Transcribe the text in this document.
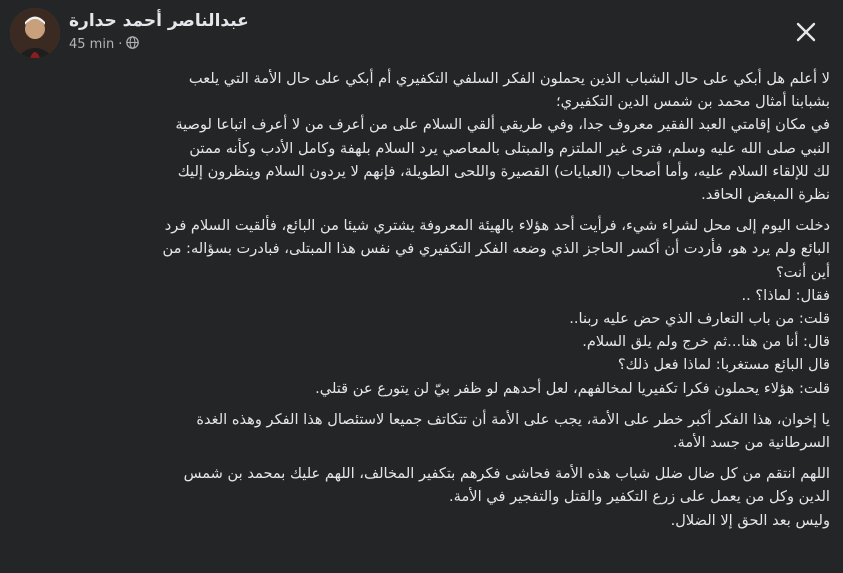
عبدالناصر أحمد حدارة
45 min ·

لا أعلم هل أبكي على حال الشباب الذين يحملون الفكر السلفي التكفيري أم أبكي على حال الأمة التي يلعب
بشبابنا أمثال محمد بن شمس الدين التكفيري؛
في مكان إقامتي العبد الفقير معروف جدا، وفي طريقي ألقي السلام على من أعرف من لا أعرف اتباعا لوصية
النبي صلى الله عليه وسلم، فترى غير الملتزم والمبتلى بالمعاصي يرد السلام بلهفة وكامل الأدب وكأنه ممتن
لك للإلقاء السلام عليه، وأما أصحاب (العبايات) القصيرة واللحى الطويلة، فإنهم لا يردون السلام وينظرون إليك
نظرة المبغض الحاقد.

دخلت اليوم إلى محل لشراء شيء، فرأيت أحد هؤلاء بالهيئة المعروفة يشتري شيئا من البائع، فألقيت السلام فرد
البائع ولم يرد هو، فأردت أن أكسر الحاجز الذي وضعه الفكر التكفيري في نفس هذا المبتلى، فبادرت بسؤاله: من
أين أنت؟
فقال: لماذا؟ ..
قلت: من باب التعارف الذي حض عليه ربنا..
قال: أنا من هنا...ثم خرج ولم يلق السلام.
قال البائع مستغربا: لماذا فعل ذلك؟
قلت: هؤلاء يحملون فكرا تكفيريا لمخالفهم، لعل أحدهم لو ظفر بيّ لن يتورع عن قتلي.

يا إخوان، هذا الفكر أكبر خطر على الأمة، يجب على الأمة أن تتكاتف جميعا لاستئصال هذا الفكر وهذه الغدة
السرطانية من جسد الأمة.

اللهم انتقم من كل ضال ضلل شباب هذه الأمة فحاشى فكرهم بتكفير المخالف، اللهم عليك بمحمد بن شمس
الدين وكل من يعمل على زرع التكفير والقتل والتفجير في الأمة.
وليس بعد الحق إلا الضلال.
